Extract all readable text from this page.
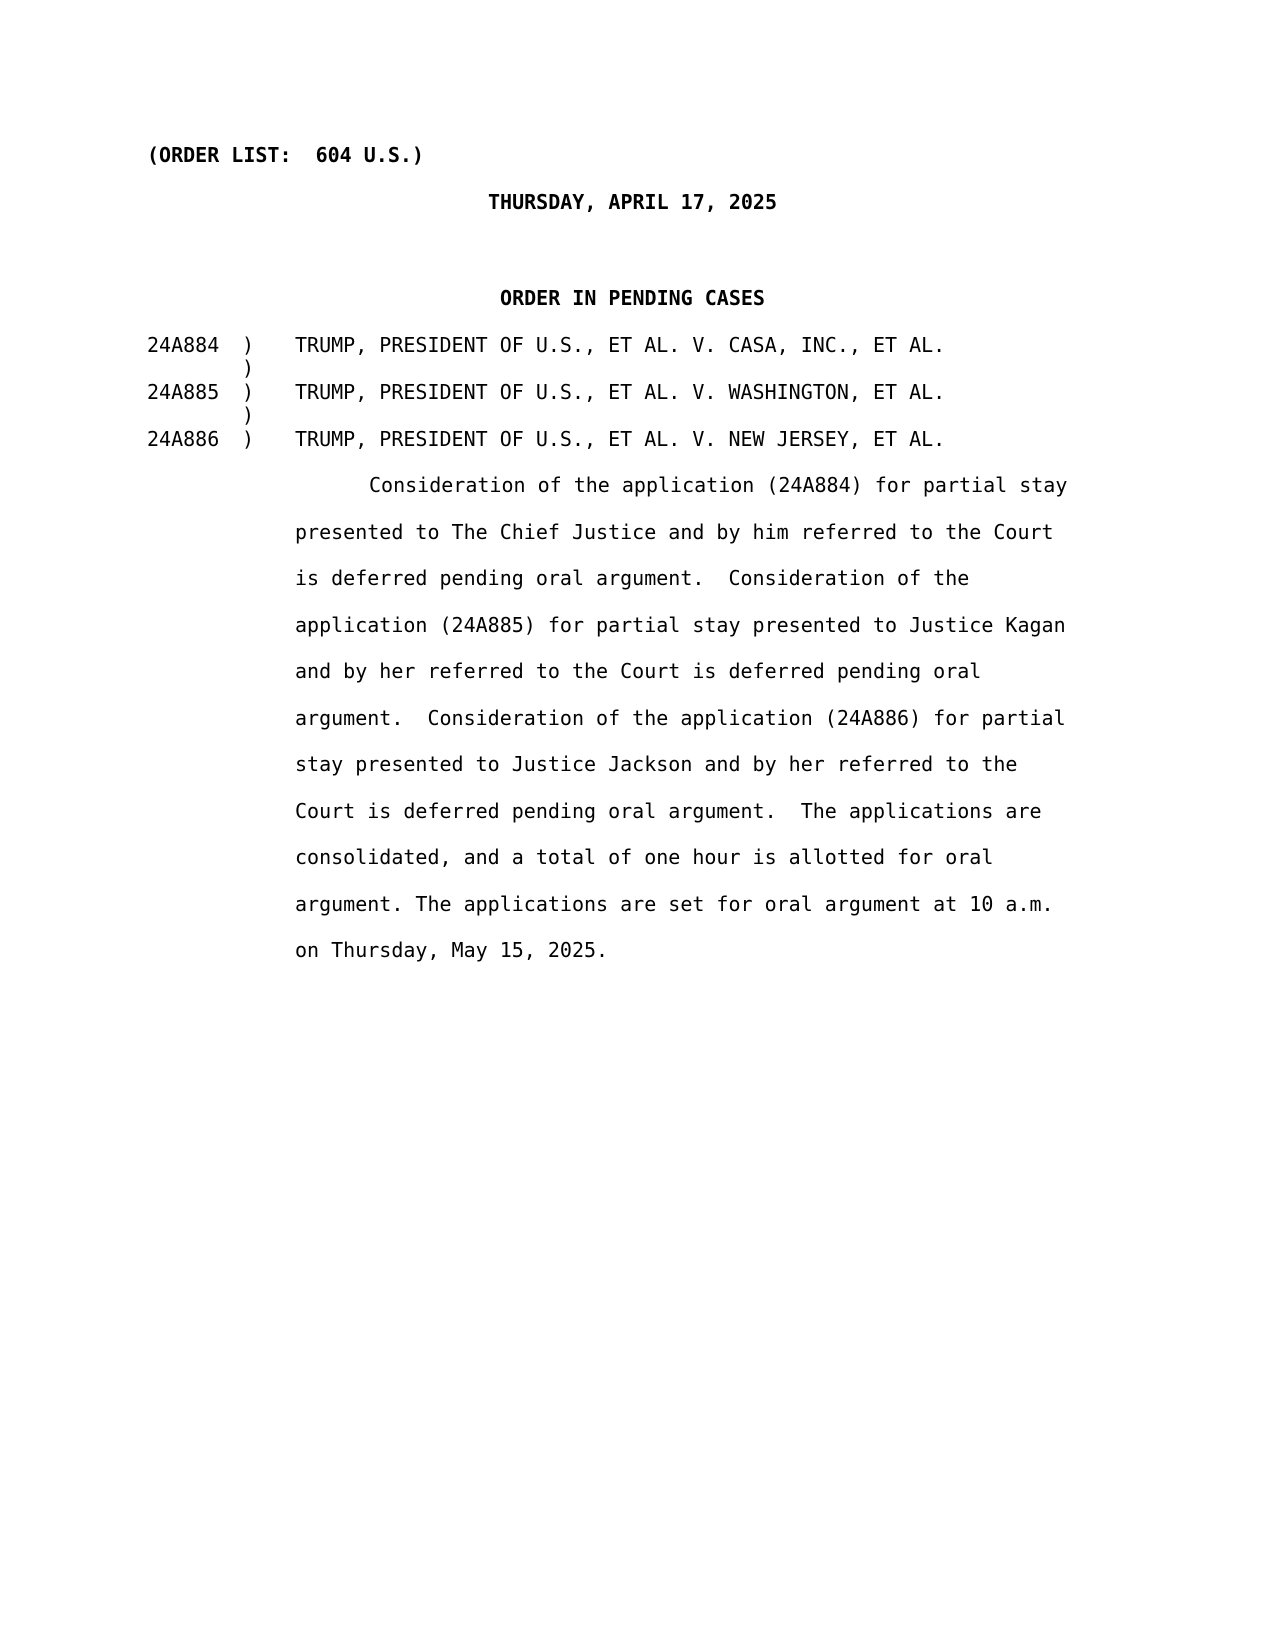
(ORDER LIST:  604 U.S.)
THURSDAY, APRIL 17, 2025
ORDER IN PENDING CASES
24A884 ) TRUMP, PRESIDENT OF U.S., ET AL. V. CASA, INC., ET AL.
)
24A885 ) TRUMP, PRESIDENT OF U.S., ET AL. V. WASHINGTON, ET AL.
)
24A886 ) TRUMP, PRESIDENT OF U.S., ET AL. V. NEW JERSEY, ET AL.
Consideration of the application (24A884) for partial stay
presented to The Chief Justice and by him referred to the Court
is deferred pending oral argument.  Consideration of the
application (24A885) for partial stay presented to Justice Kagan
and by her referred to the Court is deferred pending oral
argument.  Consideration of the application (24A886) for partial
stay presented to Justice Jackson and by her referred to the
Court is deferred pending oral argument.  The applications are
consolidated, and a total of one hour is allotted for oral
argument. The applications are set for oral argument at 10 a.m.
on Thursday, May 15, 2025.
